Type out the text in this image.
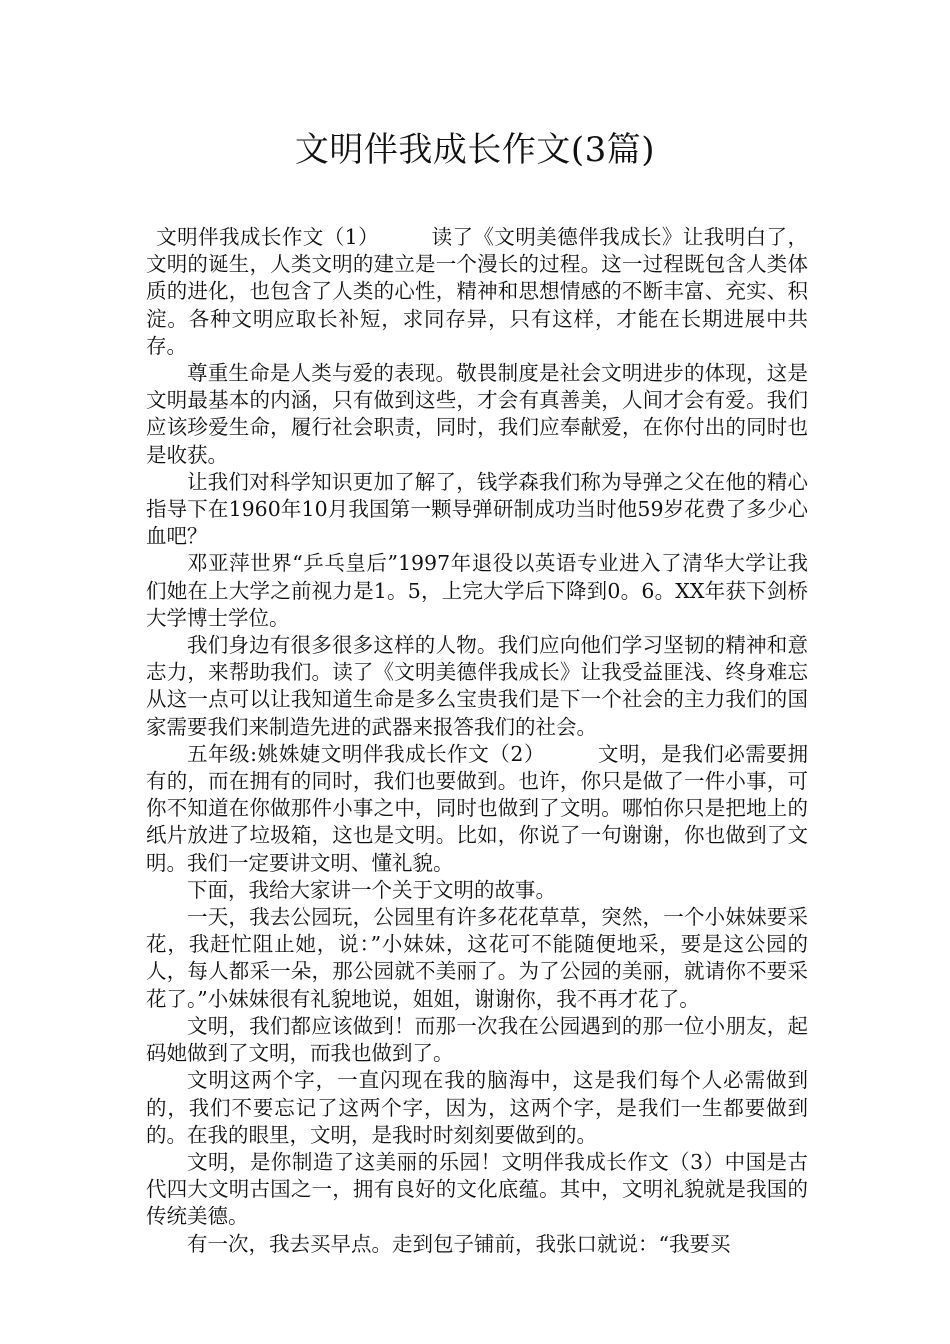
文明伴我成长作文(3篇)

文明伴我成长作文（1）　　　读了《文明美德伴我成长》让我明白了，文明的诞生，人类文明的建立是一个漫长的过程。这一过程既包含人类体质的进化，也包含了人类的心性，精神和思想情感的不断丰富、充实、积淀。各种文明应取长补短，求同存异，只有这样，才能在长期进展中共存。

尊重生命是人类与爱的表现。敬畏制度是社会文明进步的体现，这是文明最基本的内涵，只有做到这些，才会有真善美，人间才会有爱。我们应该珍爱生命，履行社会职责，同时，我们应奉献爱，在你付出的同时也是收获。

让我们对科学知识更加了解了，钱学森我们称为导弹之父在他的精心指导下在1960年10月我国第一颗导弹研制成功当时他59岁花费了多少心血吧？

邓亚萍世界“乒乓皇后”1997年退役以英语专业进入了清华大学让我们她在上大学之前视力是1。5，上完大学后下降到0。6。XX年获下剑桥大学博士学位。

我们身边有很多很多这样的人物。我们应向他们学习坚韧的精神和意志力，来帮助我们。读了《文明美德伴我成长》让我受益匪浅、终身难忘从这一点可以让我知道生命是多么宝贵我们是下一个社会的主力我们的国家需要我们来制造先进的武器来报答我们的社会。

五年级:姚姝婕文明伴我成长作文（2）　　　文明，是我们必需要拥有的，而在拥有的同时，我们也要做到。也许，你只是做了一件小事，可你不知道在你做那件小事之中，同时也做到了文明。哪怕你只是把地上的纸片放进了垃圾箱，这也是文明。比如，你说了一句谢谢，你也做到了文明。我们一定要讲文明、懂礼貌。

下面，我给大家讲一个关于文明的故事。

一天，我去公园玩，公园里有许多花花草草，突然，一个小妹妹要采花，我赶忙阻止她，说：”小妹妹，这花可不能随便地采，要是这公园的人，每人都采一朵，那公园就不美丽了。为了公园的美丽，就请你不要采花了。”小妹妹很有礼貌地说，姐姐，谢谢你，我不再才花了。

文明，我们都应该做到！而那一次我在公园遇到的那一位小朋友，起码她做到了文明，而我也做到了。

文明这两个字，一直闪现在我的脑海中，这是我们每个人必需做到的，我们不要忘记了这两个字，因为，这两个字，是我们一生都要做到的。在我的眼里，文明，是我时时刻刻要做到的。

文明，是你制造了这美丽的乐园！文明伴我成长作文（3）中国是古代四大文明古国之一，拥有良好的文化底蕴。其中，文明礼貌就是我国的传统美德。

有一次，我去买早点。走到包子铺前，我张口就说：“我要买
